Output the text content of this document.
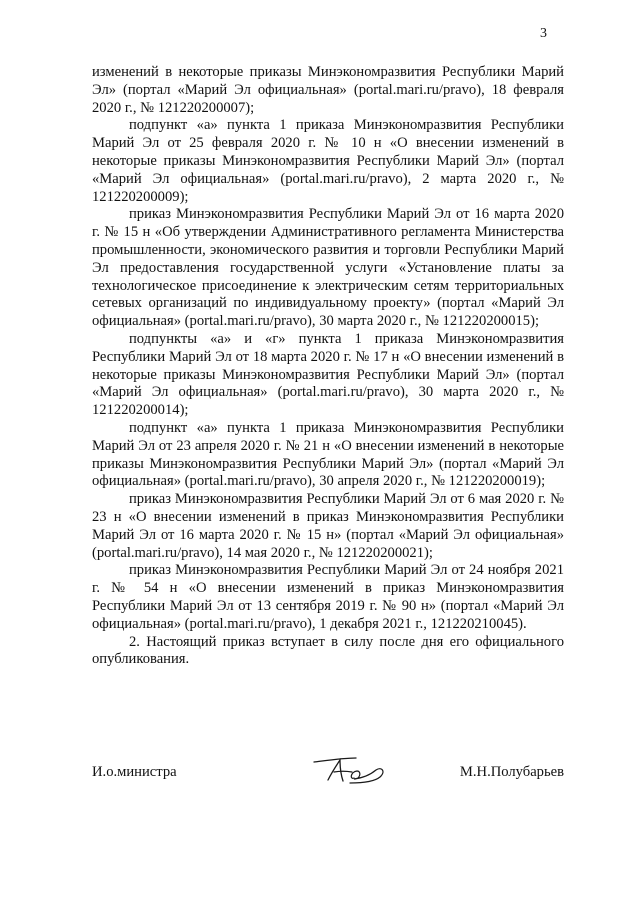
3

изменений в некоторые приказы Минэкономразвития Республики Марий Эл» (портал «Марий Эл официальная» (portal.mari.ru/pravo), 18 февраля 2020 г., № 121220200007);

подпункт «а» пункта 1 приказа Минэкономразвития Республики Марий Эл от 25 февраля 2020 г. № 10 н «О внесении изменений в некоторые приказы Минэкономразвития Республики Марий Эл» (портал «Марий Эл официальная» (portal.mari.ru/pravo), 2 марта 2020 г., № 121220200009);

приказ Минэкономразвития Республики Марий Эл от 16 марта 2020 г. № 15 н «Об утверждении Административного регламента Министерства промышленности, экономического развития и торговли Республики Марий Эл предоставления государственной услуги «Установление платы за технологическое присоединение к электрическим сетям территориальных сетевых организаций по индивидуальному проекту» (портал «Марий Эл официальная» (portal.mari.ru/pravo), 30 марта 2020 г., № 121220200015);

подпункты «а» и «г» пункта 1 приказа Минэкономразвития Республики Марий Эл от 18 марта 2020 г. № 17 н «О внесении изменений в некоторые приказы Минэкономразвития Республики Марий Эл» (портал «Марий Эл официальная» (portal.mari.ru/pravo), 30 марта 2020 г., № 121220200014);

подпункт «а» пункта 1 приказа Минэкономразвития Республики Марий Эл от 23 апреля 2020 г. № 21 н «О внесении изменений в некоторые приказы Минэкономразвития Республики Марий Эл» (портал «Марий Эл официальная» (portal.mari.ru/pravo), 30 апреля 2020 г., № 121220200019);

приказ Минэкономразвития Республики Марий Эл от 6 мая 2020 г. № 23 н «О внесении изменений в приказ Минэкономразвития Республики Марий Эл от 16 марта 2020 г. № 15 н» (портал «Марий Эл официальная» (portal.mari.ru/pravo), 14 мая 2020 г., № 121220200021);

приказ Минэкономразвития Республики Марий Эл от 24 ноября 2021 г. № 54 н «О внесении изменений в приказ Минэкономразвития Республики Марий Эл от 13 сентября 2019 г. № 90 н» (портал «Марий Эл официальная» (portal.mari.ru/pravo), 1 декабря 2021 г., 121220210045).

2. Настоящий приказ вступает в силу после дня его официального опубликования.

И.о.министра	М.Н.Полубарьев
